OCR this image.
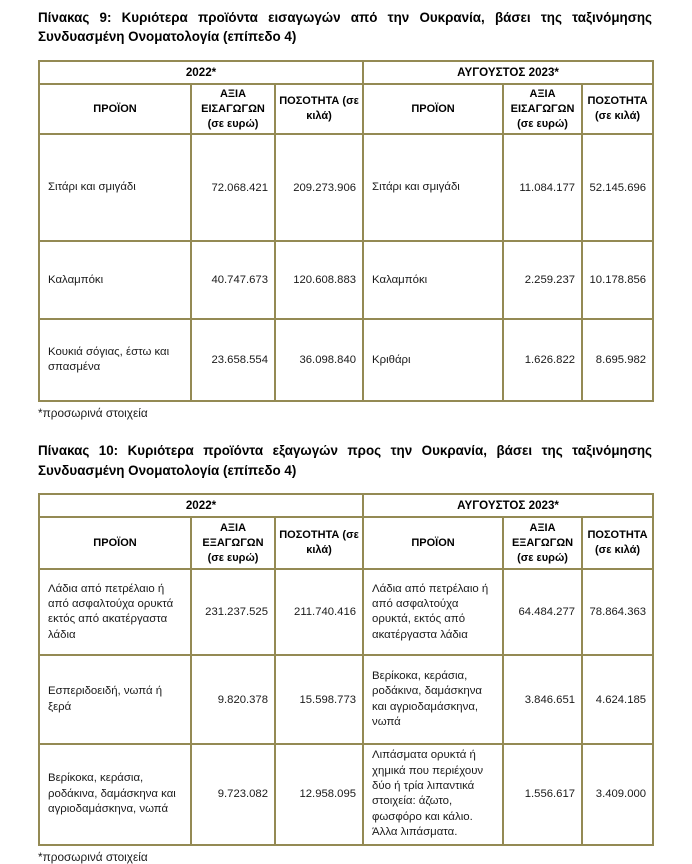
Πίνακας 9: Κυριότερα προϊόντα εισαγωγών από την Ουκρανία, βάσει της ταξινόμησης Συνδυασμένη Ονοματολογία (επίπεδο 4)

2022*			ΑΥΓΟΥΣΤΟΣ 2023*		
ΠΡΟΪΟΝ	ΑΞΙΑ ΕΙΣΑΓΩΓΩΝ (σε ευρώ)	ΠΟΣΟΤΗΤΑ (σε κιλά)	ΠΡΟΪΟΝ	ΑΞΙΑ ΕΙΣΑΓΩΓΩΝ (σε ευρώ)	ΠΟΣΟΤΗΤΑ (σε κιλά)
Σιτάρι και σμιγάδι	72.068.421	209.273.906	Σιτάρι και σμιγάδι	11.084.177	52.145.696
Καλαμπόκι	40.747.673	120.608.883	Καλαμπόκι	2.259.237	10.178.856
Κουκιά σόγιας, έστω και σπασμένα	23.658.554	36.098.840	Κριθάρι	1.626.822	8.695.982

*προσωρινά στοιχεία

Πίνακας 10: Κυριότερα προϊόντα εξαγωγών προς την Ουκρανία, βάσει της ταξινόμησης Συνδυασμένη Ονοματολογία (επίπεδο 4)

2022*			ΑΥΓΟΥΣΤΟΣ 2023*		
ΠΡΟΪΟΝ	ΑΞΙΑ ΕΞΑΓΩΓΩΝ (σε ευρώ)	ΠΟΣΟΤΗΤΑ (σε κιλά)	ΠΡΟΪΟΝ	ΑΞΙΑ ΕΞΑΓΩΓΩΝ (σε ευρώ)	ΠΟΣΟΤΗΤΑ (σε κιλά)
Λάδια από πετρέλαιο ή από ασφαλτούχα ορυκτά εκτός από ακατέργαστα λάδια	231.237.525	211.740.416	Λάδια από πετρέλαιο ή από ασφαλτούχα ορυκτά, εκτός από ακατέργαστα λάδια	64.484.277	78.864.363
Εσπεριδοειδή, νωπά ή ξερά	9.820.378	15.598.773	Βερίκοκα, κεράσια, ροδάκινα, δαμάσκηνα και αγριοδαμάσκηνα, νωπά	3.846.651	4.624.185
Βερίκοκα, κεράσια, ροδάκινα, δαμάσκηνα και αγριοδαμάσκηνα, νωπά	9.723.082	12.958.095	Λιπάσματα ορυκτά ή χημικά που περιέχουν δύο ή τρία λιπαντικά στοιχεία: άζωτο, φωσφόρο και κάλιο. Άλλα λιπάσματα.	1.556.617	3.409.000

*προσωρινά στοιχεία
